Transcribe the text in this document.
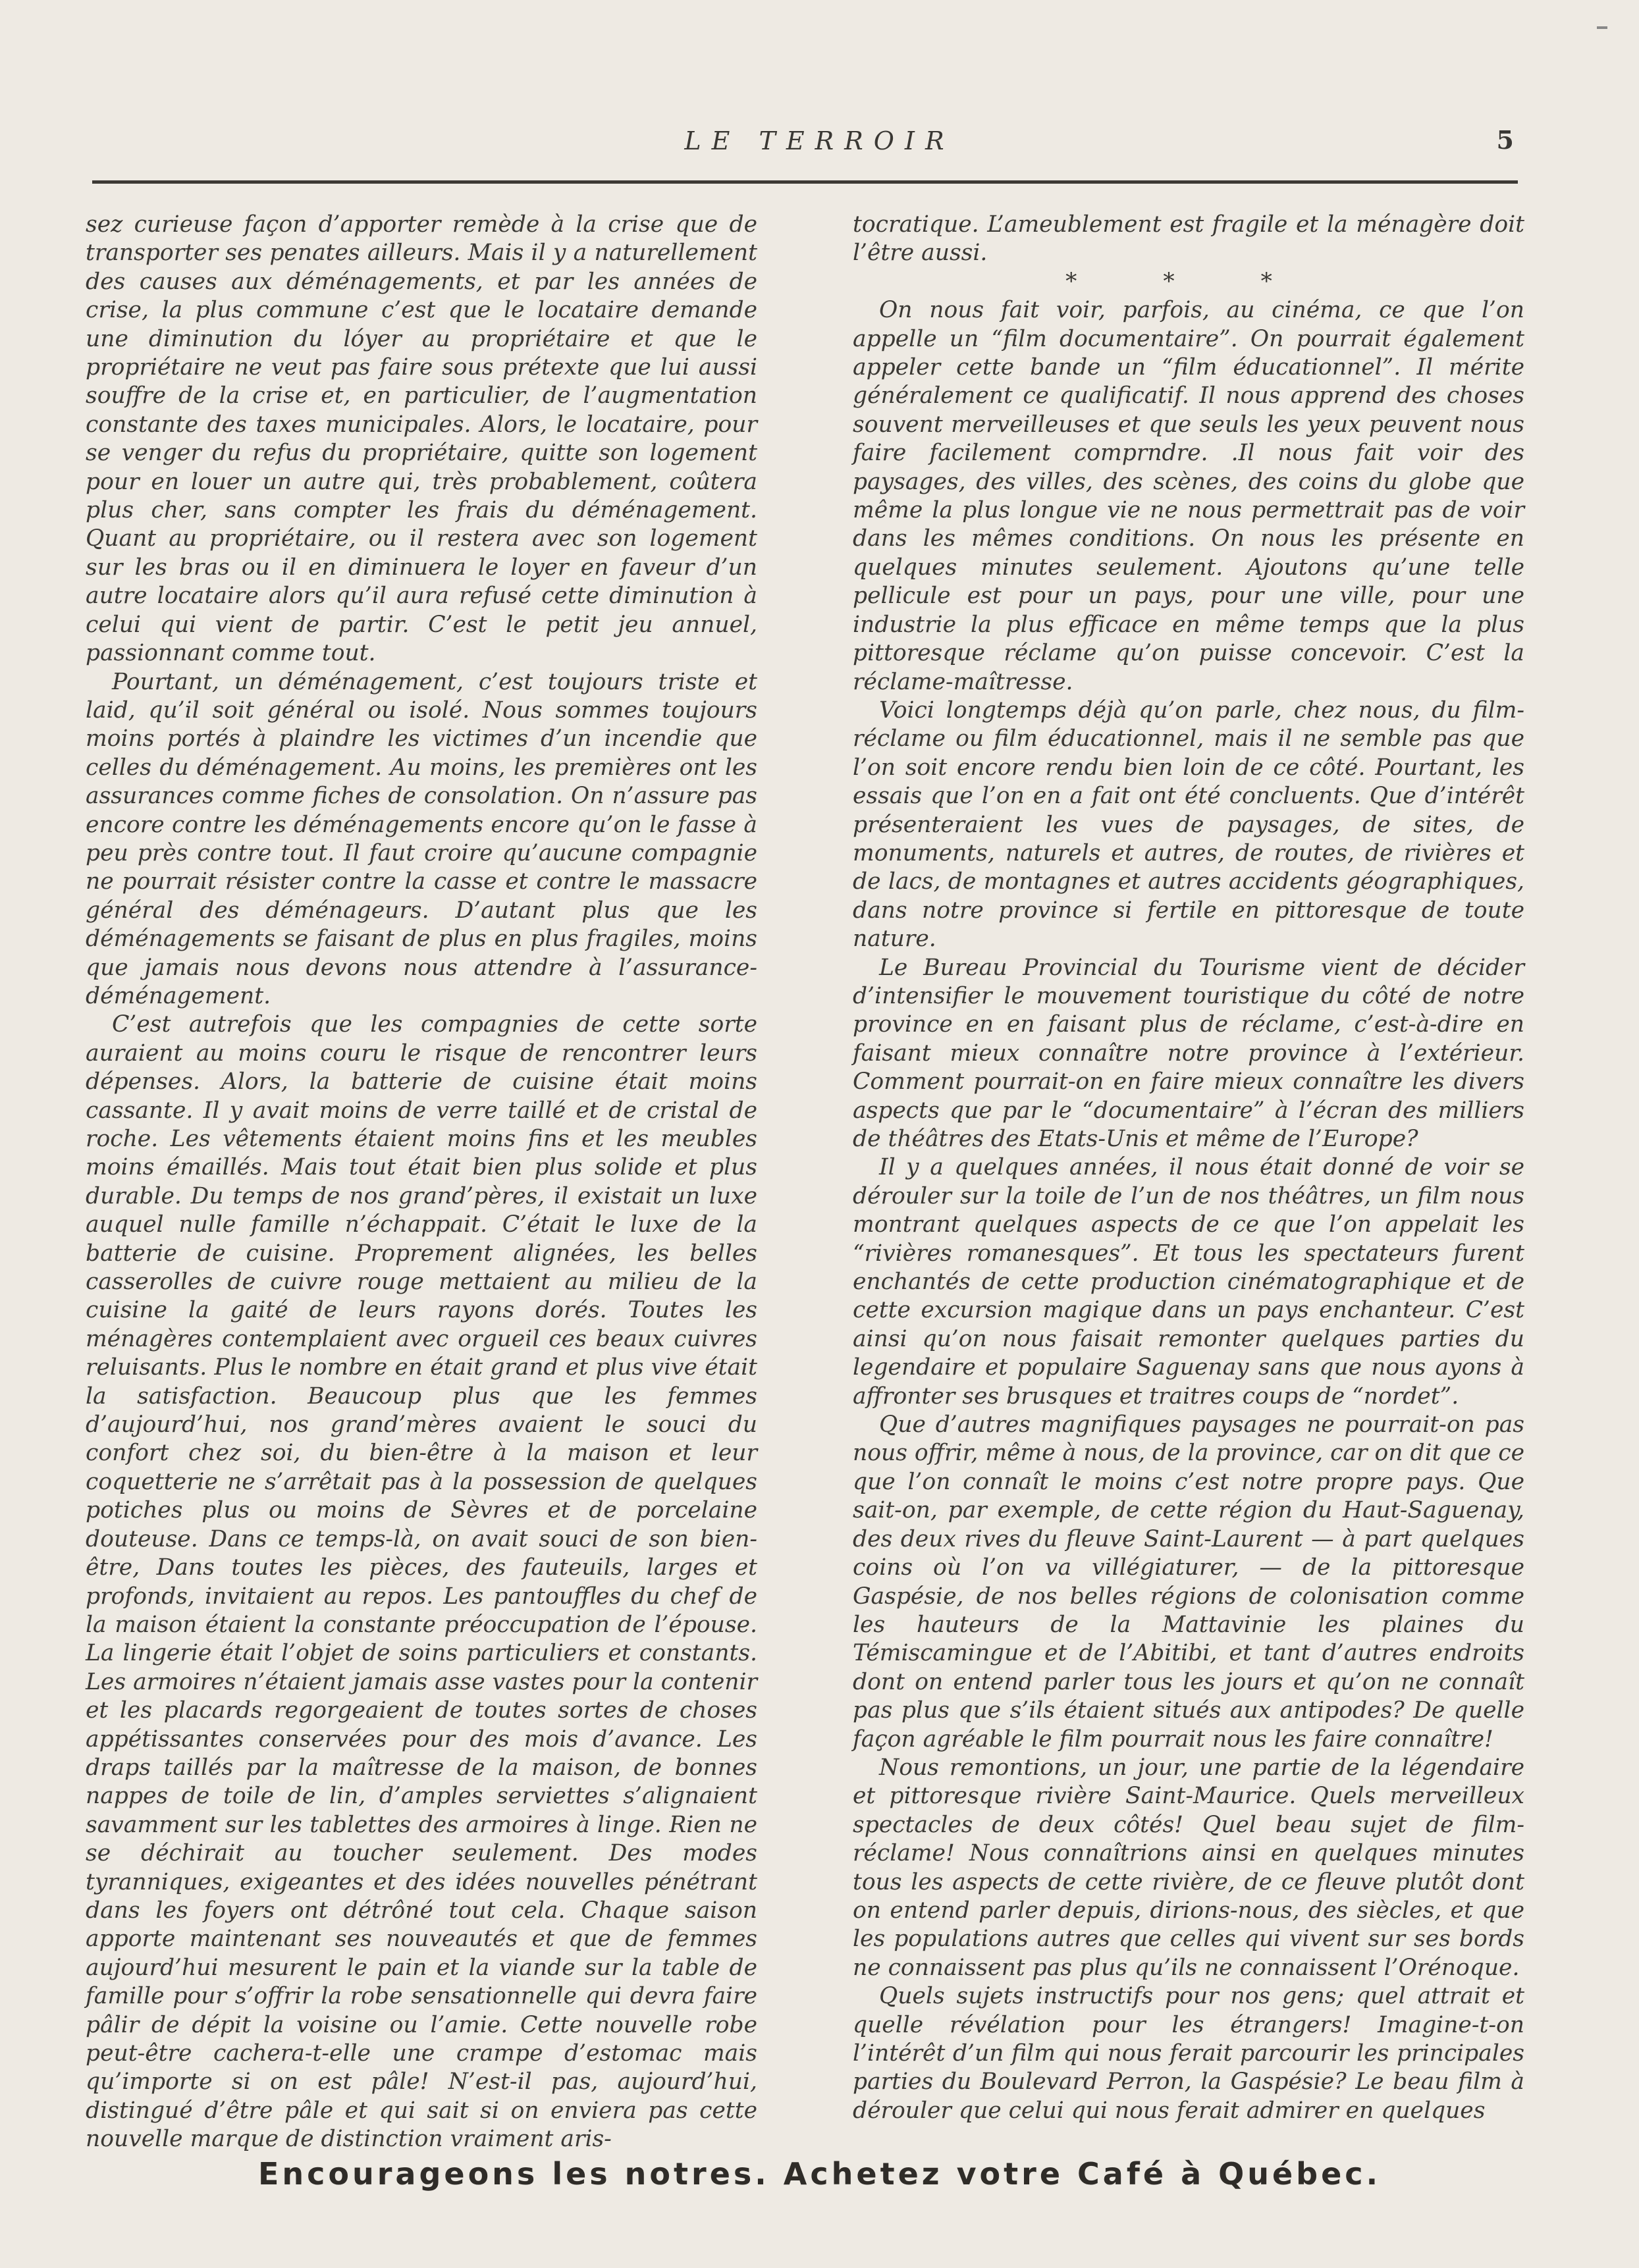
LE TERROIR	5

sez curieuse façon d’apporter remède à la crise que de transporter ses penates ailleurs. Mais il y a naturellement des causes aux déménagements, et par les années de crise, la plus commune c’est que le locataire demande une diminution du lóyer au propriétaire et que le propriétaire ne veut pas faire sous prétexte que lui aussi souffre de la crise et, en particulier, de l’augmentation constante des taxes municipales. Alors, le locataire, pour se venger du refus du propriétaire, quitte son logement pour en louer un autre qui, très probablement, coûtera plus cher, sans compter les frais du déménagement. Quant au propriétaire, ou il restera avec son logement sur les bras ou il en diminuera le loyer en faveur d’un autre locataire alors qu’il aura refusé cette diminution à celui qui vient de partir. C’est le petit jeu annuel, passionnant comme tout.

Pourtant, un déménagement, c’est toujours triste et laid, qu’il soit général ou isolé. Nous sommes toujours moins portés à plaindre les victimes d’un incendie que celles du déménagement. Au moins, les premières ont les assurances comme fiches de consolation. On n’assure pas encore contre les déménagements encore qu’on le fasse à peu près contre tout. Il faut croire qu’aucune compagnie ne pourrait résister contre la casse et contre le massacre général des déménageurs. D’autant plus que les déménagements se faisant de plus en plus fragiles, moins que jamais nous devons nous attendre à l’assurance-déménagement.

C’est autrefois que les compagnies de cette sorte auraient au moins couru le risque de rencontrer leurs dépenses. Alors, la batterie de cuisine était moins cassante. Il y avait moins de verre taillé et de cristal de roche. Les vêtements étaient moins fins et les meubles moins émaillés. Mais tout était bien plus solide et plus durable. Du temps de nos grand’pères, il existait un luxe auquel nulle famille n’échappait. C’était le luxe de la batterie de cuisine. Proprement alignées, les belles casserolles de cuivre rouge mettaient au milieu de la cuisine la gaité de leurs rayons dorés. Toutes les ménagères contemplaient avec orgueil ces beaux cuivres reluisants. Plus le nombre en était grand et plus vive était la satisfaction. Beaucoup plus que les femmes d’aujourd’hui, nos grand’mères avaient le souci du confort chez soi, du bien-être à la maison et leur coquetterie ne s’arrêtait pas à la possession de quelques potiches plus ou moins de Sèvres et de porcelaine douteuse. Dans ce temps-là, on avait souci de son bien-être, Dans toutes les pièces, des fauteuils, larges et profonds, invitaient au repos. Les pantouffles du chef de la maison étaient la constante préoccupation de l’épouse. La lingerie était l’objet de soins particuliers et constants. Les armoires n’étaient jamais asse vastes pour la contenir et les placards regorgeaient de toutes sortes de choses appétissantes conservées pour des mois d’avance. Les draps taillés par la maîtresse de la maison, de bonnes nappes de toile de lin, d’amples serviettes s’alignaient savamment sur les tablettes des armoires à linge. Rien ne se déchirait au toucher seulement. Des modes tyranniques, exigeantes et des idées nouvelles pénétrant dans les foyers ont détrôné tout cela. Chaque saison apporte maintenant ses nouveautés et que de femmes aujourd’hui mesurent le pain et la viande sur la table de famille pour s’offrir la robe sensationnelle qui devra faire pâlir de dépit la voisine ou l’amie. Cette nouvelle robe peut-être cachera-t-elle une crampe d’estomac mais qu’importe si on est pâle! N’est-il pas, aujourd’hui, distingué d’être pâle et qui sait si on enviera pas cette nouvelle marque de distinction vraiment aris-

tocratique. L’ameublement est fragile et la ménagère doit l’être aussi.

* * *

On nous fait voir, parfois, au cinéma, ce que l’on appelle un “film documentaire”. On pourrait également appeler cette bande un “film éducationnel”. Il mérite généralement ce qualificatif. Il nous apprend des choses souvent merveilleuses et que seuls les yeux peuvent nous faire facilement comprndre. .Il nous fait voir des paysages, des villes, des scènes, des coins du globe que même la plus longue vie ne nous permettrait pas de voir dans les mêmes conditions. On nous les présente en quelques minutes seulement. Ajoutons qu’une telle pellicule est pour un pays, pour une ville, pour une industrie la plus efficace en même temps que la plus pittoresque réclame qu’on puisse concevoir. C’est la réclame-maîtresse.

Voici longtemps déjà qu’on parle, chez nous, du film-réclame ou film éducationnel, mais il ne semble pas que l’on soit encore rendu bien loin de ce côté. Pourtant, les essais que l’on en a fait ont été concluents. Que d’intérêt présenteraient les vues de paysages, de sites, de monuments, naturels et autres, de routes, de rivières et de lacs, de montagnes et autres accidents géographiques, dans notre province si fertile en pittoresque de toute nature.

Le Bureau Provincial du Tourisme vient de décider d’intensifier le mouvement touristique du côté de notre province en en faisant plus de réclame, c’est-à-dire en faisant mieux connaître notre province à l’extérieur. Comment pourrait-on en faire mieux connaître les divers aspects que par le “documentaire” à l’écran des milliers de théâtres des Etats-Unis et même de l’Europe?

Il y a quelques années, il nous était donné de voir se dérouler sur la toile de l’un de nos théâtres, un film nous montrant quelques aspects de ce que l’on appelait les “rivières romanesques”. Et tous les spectateurs furent enchantés de cette production cinématographique et de cette excursion magique dans un pays enchanteur. C’est ainsi qu’on nous faisait remonter quelques parties du legendaire et populaire Saguenay sans que nous ayons à affronter ses brusques et traitres coups de “nordet”.

Que d’autres magnifiques paysages ne pourrait-on pas nous offrir, même à nous, de la province, car on dit que ce que l’on connaît le moins c’est notre propre pays. Que sait-on, par exemple, de cette région du Haut-Saguenay, des deux rives du fleuve Saint-Laurent — à part quelques coins où l’on va villégiaturer, — de la pittoresque Gaspésie, de nos belles régions de colonisation comme les hauteurs de la Mattavinie les plaines du Témiscamingue et de l’Abitibi, et tant d’autres endroits dont on entend parler tous les jours et qu’on ne connaît pas plus que s’ils étaient situés aux antipodes? De quelle façon agréable le film pourrait nous les faire connaître!

Nous remontions, un jour, une partie de la légendaire et pittoresque rivière Saint-Maurice. Quels merveilleux spectacles de deux côtés! Quel beau sujet de film-réclame! Nous connaîtrions ainsi en quelques minutes tous les aspects de cette rivière, de ce fleuve plutôt dont on entend parler depuis, dirions-nous, des siècles, et que les populations autres que celles qui vivent sur ses bords ne connaissent pas plus qu’ils ne connaissent l’Orénoque.

Quels sujets instructifs pour nos gens; quel attrait et quelle révélation pour les étrangers! Imagine-t-on l’intérêt d’un film qui nous ferait parcourir les principales parties du Boulevard Perron, la Gaspésie? Le beau film à dérouler que celui qui nous ferait admirer en quelques

Encourageons les notres. Achetez votre Café à Québec.
